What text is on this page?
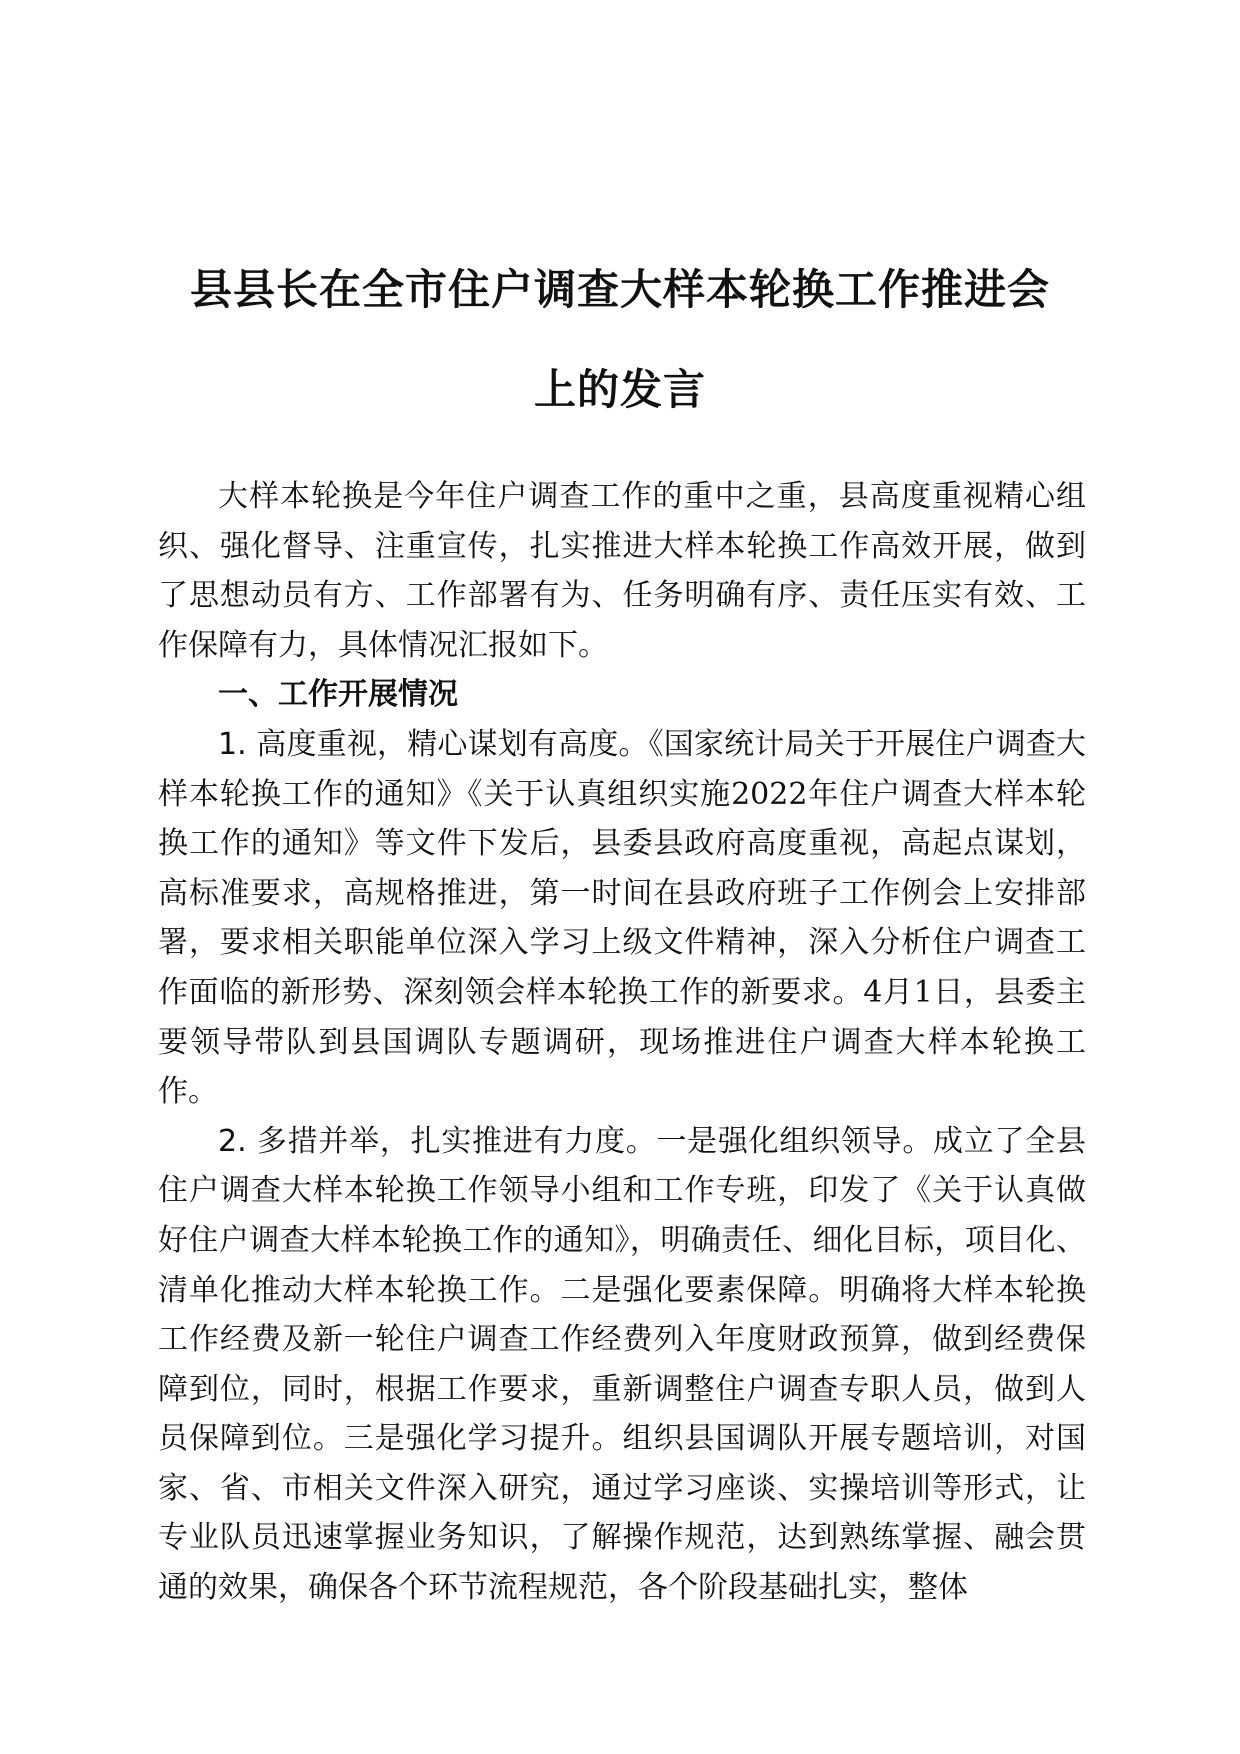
县县长在全市住户调查大样本轮换工作推进会
上的发言

大样本轮换是今年住户调查工作的重中之重，县高度重视精心组织、强化督导、注重宣传，扎实推进大样本轮换工作高效开展，做到了思想动员有方、工作部署有为、任务明确有序、责任压实有效、工作保障有力，具体情况汇报如下。

一、工作开展情况

1. 高度重视，精心谋划有高度。《国家统计局关于开展住户调查大样本轮换工作的通知》《关于认真组织实施2022年住户调查大样本轮换工作的通知》等文件下发后，县委县政府高度重视，高起点谋划，高标准要求，高规格推进，第一时间在县政府班子工作例会上安排部署，要求相关职能单位深入学习上级文件精神，深入分析住户调查工作面临的新形势、深刻领会样本轮换工作的新要求。4月1日，县委主要领导带队到县国调队专题调研，现场推进住户调查大样本轮换工作。

2. 多措并举，扎实推进有力度。一是强化组织领导。成立了全县住户调查大样本轮换工作领导小组和工作专班，印发了《关于认真做好住户调查大样本轮换工作的通知》，明确责任、细化目标，项目化、清单化推动大样本轮换工作。二是强化要素保障。明确将大样本轮换工作经费及新一轮住户调查工作经费列入年度财政预算，做到经费保障到位，同时，根据工作要求，重新调整住户调查专职人员，做到人员保障到位。三是强化学习提升。组织县国调队开展专题培训，对国家、省、市相关文件深入研究，通过学习座谈、实操培训等形式，让专业队员迅速掌握业务知识，了解操作规范，达到熟练掌握、融会贯通的效果，确保各个环节流程规范，各个阶段基础扎实，整体
